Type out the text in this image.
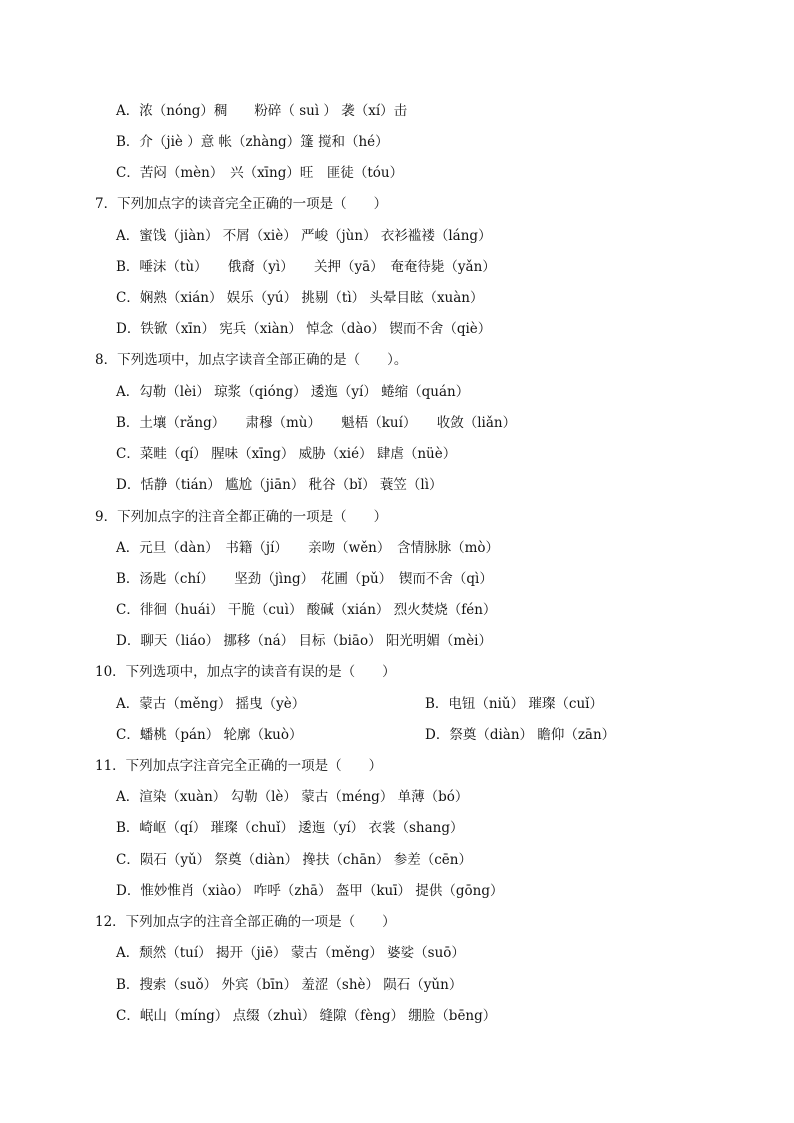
A．浓（nóng）稠　　粉碎（ suì ） 袭（xí）击
B．介（jiè ）意 帐（zhàng）篷 搅和（hé）
C．苦闷（mèn）　兴（xīng）旺　匪徒（tóu）
7．下列加点字的读音完全正确的一项是（　　）
A．蜜饯（jiàn） 不屑（xiè） 严峻（jùn） 衣衫褴褛（láng）
B．唾沫（tù）　　俄裔（yì）　　关押（yā）　奄奄待毙（yǎn）
C．娴熟（xián） 娱乐（yú） 挑剔（tì） 头晕目眩（xuàn）
D．铁锨（xīn） 宪兵（xiàn） 悼念（dào） 锲而不舍（qiè）
8．下列选项中，加点字读音全部正确的是（　　）。
A．勾勒（lèi） 琼浆（qióng） 逶迤（yí） 蜷缩（quán）
B．土壤（rǎng）　　肃穆（mù）　　魁梧（kuí）　　收敛（liǎn）
C．菜畦（qí） 腥味（xīng） 威胁（xié） 肆虐（nüè）
D．恬静（tián） 尴尬（jiān） 秕谷（bǐ） 蓑笠（lì）
9．下列加点字的注音全都正确的一项是（　　）
A．元旦（dàn）　书籍（jí）　　亲吻（wěn）　含情脉脉（mò）
B．汤匙（chí）　　坚劲（jìng）　花圃（pǔ）　锲而不舍（qì）
C．徘徊（huái） 干脆（cuì） 酸碱（xián） 烈火焚烧（fén）
D．聊天（liáo） 挪移（ná） 目标（biāo） 阳光明媚（mèi）
10．下列选项中，加点字的读音有误的是（　　）
A．蒙古（měng） 摇曳（yè）	B．电钮（niǔ） 璀璨（cuǐ）
C．蟠桃（pán） 轮廓（kuò）	D．祭奠（diàn） 瞻仰（zān）
11．下列加点字注音完全正确的一项是（　　）
A．渲染（xuàn） 勾勒（lè） 蒙古（méng） 单薄（bó）
B．崎岖（qí） 璀璨（chuǐ） 逶迤（yí） 衣裳（shang）
C．陨石（yǔ） 祭奠（diàn） 搀扶（chān） 参差（cēn）
D．惟妙惟肖（xiào） 咋呼（zhā） 盔甲（kuī） 提供（gōng）
12．下列加点字的注音全部正确的一项是（　　）
A．颓然（tuí） 揭开（jiē） 蒙古（měng） 婆娑（suō）
B．搜索（suǒ） 外宾（bīn） 羞涩（shè） 陨石（yǔn）
C．岷山（míng） 点缀（zhuì） 缝隙（fèng） 绷脸（bēng）
